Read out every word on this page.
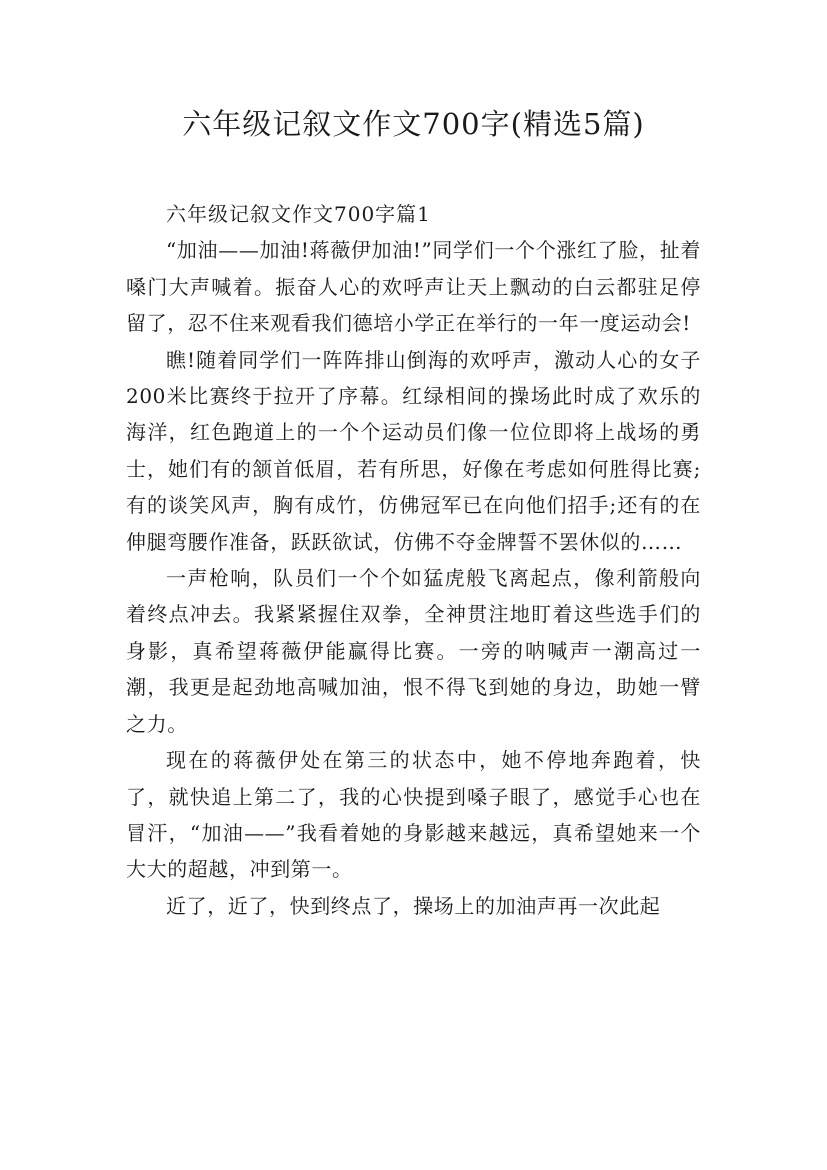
六年级记叙文作文700字(精选5篇)

六年级记叙文作文700字篇1

“加油——加油!蒋薇伊加油!”同学们一个个涨红了脸，扯着嗓门大声喊着。振奋人心的欢呼声让天上飘动的白云都驻足停留了，忍不住来观看我们德培小学正在举行的一年一度运动会!

瞧!随着同学们一阵阵排山倒海的欢呼声，激动人心的女子200米比赛终于拉开了序幕。红绿相间的操场此时成了欢乐的海洋，红色跑道上的一个个运动员们像一位位即将上战场的勇士，她们有的颔首低眉，若有所思，好像在考虑如何胜得比赛;有的谈笑风声，胸有成竹，仿佛冠军已在向他们招手;还有的在伸腿弯腰作准备，跃跃欲试，仿佛不夺金牌誓不罢休似的……

一声枪响，队员们一个个如猛虎般飞离起点，像利箭般向着终点冲去。我紧紧握住双拳，全神贯注地盯着这些选手们的身影，真希望蒋薇伊能赢得比赛。一旁的呐喊声一潮高过一潮，我更是起劲地高喊加油，恨不得飞到她的身边，助她一臂之力。

现在的蒋薇伊处在第三的状态中，她不停地奔跑着，快了，就快追上第二了，我的心快提到嗓子眼了，感觉手心也在冒汗，“加油——”我看着她的身影越来越远，真希望她来一个大大的超越，冲到第一。

近了，近了，快到终点了，操场上的加油声再一次此起
